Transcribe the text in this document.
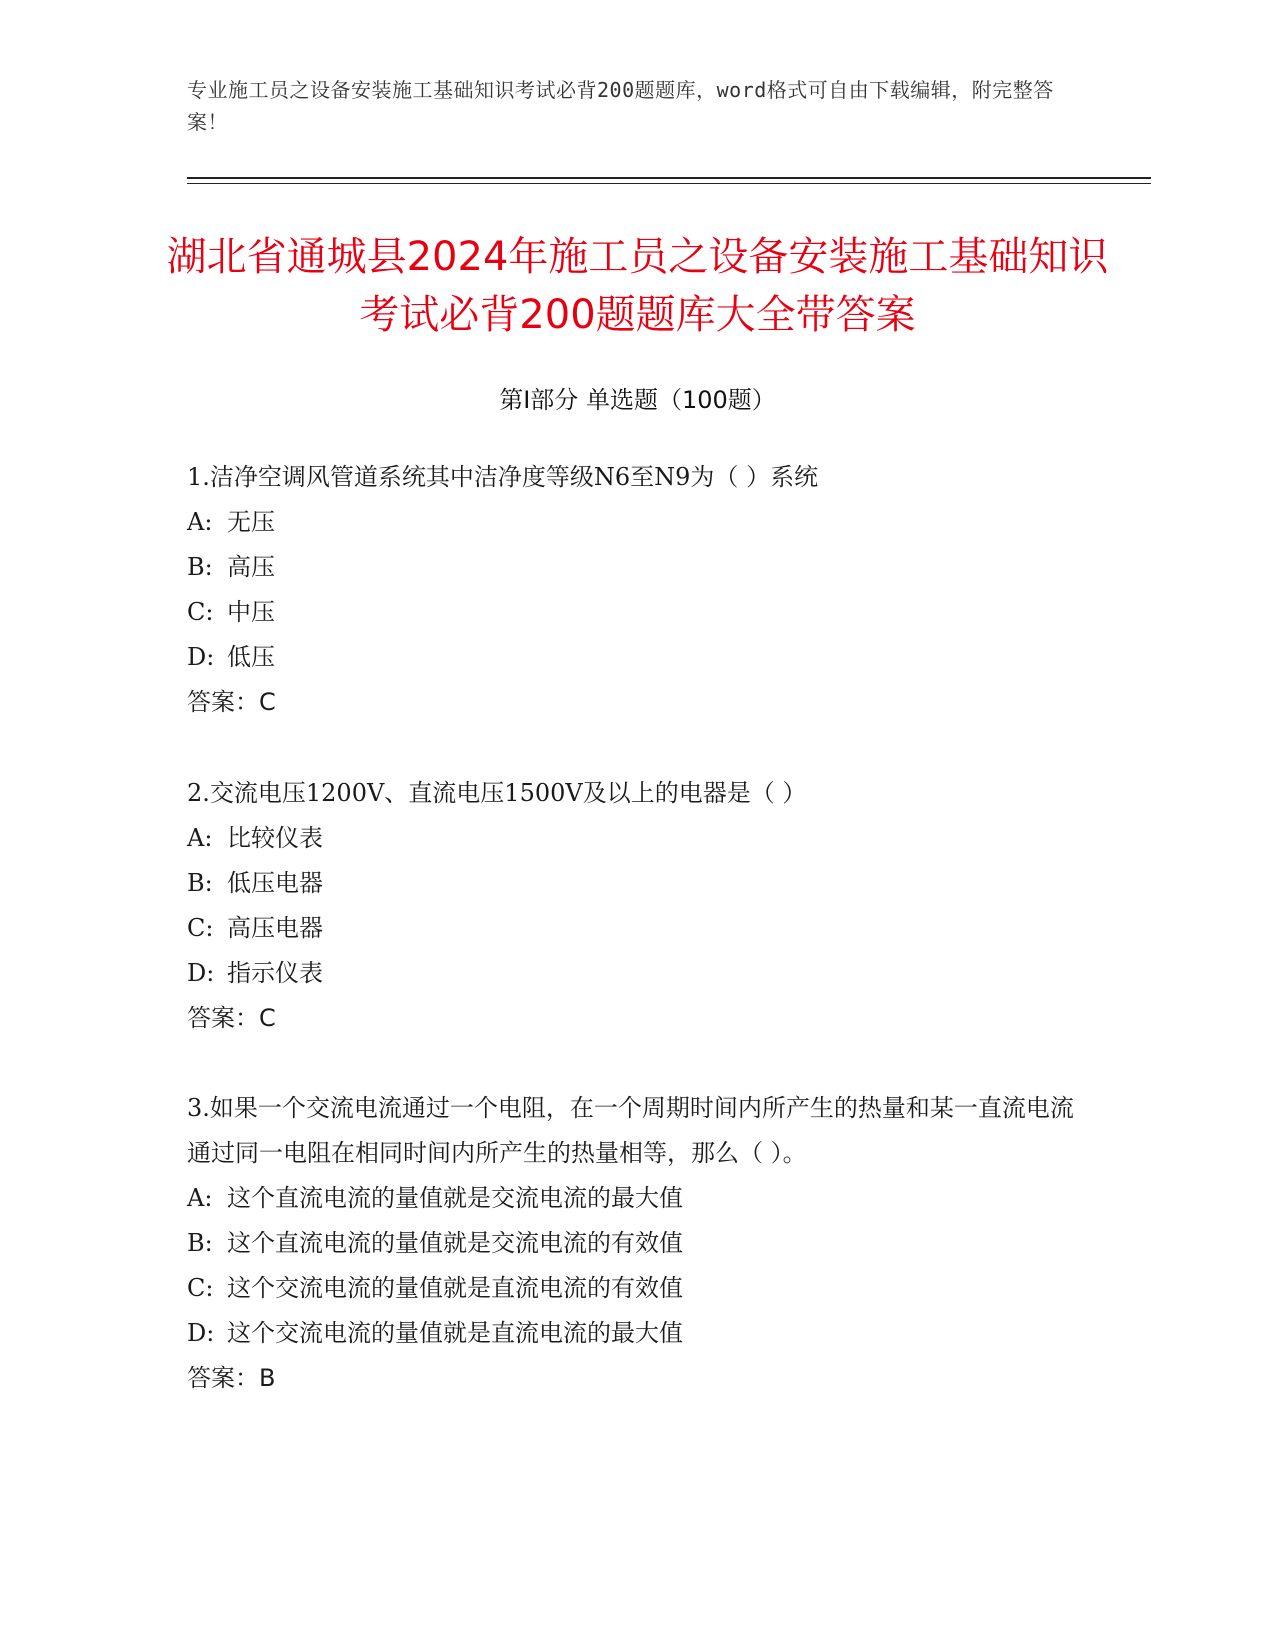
专业施工员之设备安装施工基础知识考试必背200题题库，word格式可自由下载编辑，附完整答案！
湖北省通城县2024年施工员之设备安装施工基础知识考试必背200题题库大全带答案
第Ⅰ部分 单选题（100题）
1.洁净空调风管道系统其中洁净度等级N6至N9为（ ）系统
A: 无压
B: 高压
C: 中压
D: 低压
答案：C
2.交流电压1200V、直流电压1500V及以上的电器是（ ）
A: 比较仪表
B: 低压电器
C: 高压电器
D: 指示仪表
答案：C
3.如果一个交流电流通过一个电阻，在一个周期时间内所产生的热量和某一直流电流通过同一电阻在相同时间内所产生的热量相等，那么（ ）。
A: 这个直流电流的量值就是交流电流的最大值
B: 这个直流电流的量值就是交流电流的有效值
C: 这个交流电流的量值就是直流电流的有效值
D: 这个交流电流的量值就是直流电流的最大值
答案：B
